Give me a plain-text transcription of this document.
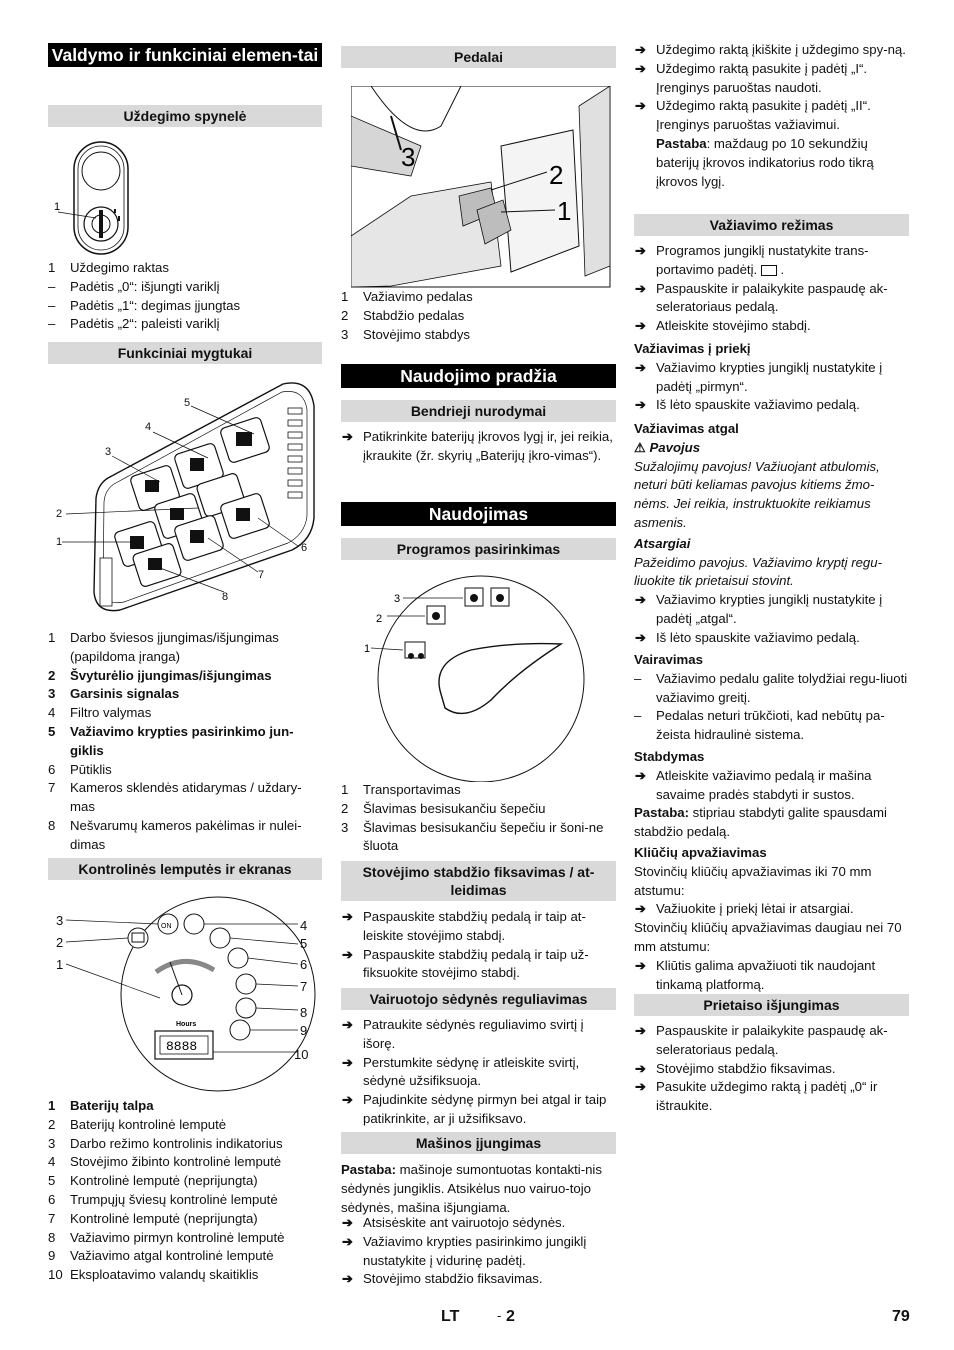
Valdymo ir funkciniai elemen-tai
Uždegimo spynelė
1
1 Uždegimo raktas
– Padėtis „0“: išjungti variklį
– Padėtis „1“: degimas įjungtas
– Padėtis „2“: paleisti variklį
Funkciniai mygtukai
5
4
3
2
1	6
7
8
1 Darbo šviesos įjungimas/išjungimas (papildoma įranga)
2 Švyturėlio įjungimas/išjungimas
3 Garsinis signalas
4 Filtro valymas
5 Važiavimo krypties pasirinkimo jun-giklis
6 Pūtiklis
7 Kameros sklendės atidarymas / uždary-mas
8 Nešvarumų kameros pakėlimas ir nulei-dimas
Kontrolinės lemputės ir ekranas
ON
Hours
8888
3
2
1
4
5
6
7
8
9
10
1 Baterijų talpa
2 Baterijų kontrolinė lemputė
3 Darbo režimo kontrolinis indikatorius
4 Stovėjimo žibinto kontrolinė lemputė
5 Kontrolinė lemputė (neprijungta)
6 Trumpųjų šviesų kontrolinė lemputė
7 Kontrolinė lemputė (neprijungta)
8 Važiavimo pirmyn kontrolinė lemputė
9 Važiavimo atgal kontrolinė lemputė
10 Eksploatavimo valandų skaitiklis
Pedalai
3
2
1
1 Važiavimo pedalas
2 Stabdžio pedalas
3 Stovėjimo stabdys
Naudojimo pradžia
Bendrieji nurodymai
➔ Patikrinkite baterijų įkrovos lygį ir, jei reikia, įkraukite (žr. skyrių „Baterijų įkro-vimas“).
Naudojimas
Programos pasirinkimas
3
2
1
1 Transportavimas
2 Šlavimas besisukančiu šepečiu
3 Šlavimas besisukančiu šepečiu ir šoni-ne šluota
Stovėjimo stabdžio fiksavimas / at-leidimas
➔ Paspauskite stabdžių pedalą ir taip at-leiskite stovėjimo stabdį.
➔ Paspauskite stabdžių pedalą ir taip už-fiksuokite stovėjimo stabdį.
Vairuotojo sėdynės reguliavimas
➔ Patraukite sėdynės reguliavimo svirtį į išorę.
➔ Perstumkite sėdynę ir atleiskite svirtį, sėdynė užsifiksuoja.
➔ Pajudinkite sėdynę pirmyn bei atgal ir taip patikrinkite, ar ji užsifiksavo.
Mašinos įjungimas
Pastaba: mašinoje sumontuotas kontakti-nis sėdynės jungiklis. Atsikėlus nuo vairuo-tojo sėdynės, mašina išjungiama.
➔ Atsisėskite ant vairuotojo sėdynės.
➔ Važiavimo krypties pasirinkimo jungiklį nustatykite į vidurinę padėtį.
➔ Stovėjimo stabdžio fiksavimas.
➔ Uždegimo raktą įkiškite į uždegimo spy-ną.
➔ Uždegimo raktą pasukite į padėtį „I“. Įrenginys paruoštas naudoti.
➔ Uždegimo raktą pasukite į padėtį „II“. Įrenginys paruoštas važiavimui.
Pastaba: maždaug po 10 sekundžių baterijų įkrovos indikatorius rodo tikrą įkrovos lygį.
Važiavimo režimas
➔ Programos jungiklį nustatykite trans-portavimo padėtį.  .
➔ Paspauskite ir palaikykite paspaudę ak-seleratoriaus pedalą.
➔ Atleiskite stovėjimo stabdį.
Važiavimas į priekį
➔ Važiavimo krypties jungiklį nustatykite į padėtį „pirmyn“.
➔ Iš lėto spauskite važiavimo pedalą.
Važiavimas atgal
⚠ Pavojus
Sužalojimų pavojus! Važiuojant atbulomis, neturi būti keliamas pavojus kitiems žmo-nėms. Jei reikia, instruktuokite reikiamus asmenis.
Atsargiai
Pažeidimo pavojus. Važiavimo kryptį regu-liuokite tik prietaisui stovint.
➔ Važiavimo krypties jungiklį nustatykite į padėtį „atgal“.
➔ Iš lėto spauskite važiavimo pedalą.
Vairavimas
– Važiavimo pedalu galite tolydžiai regu-liuoti važiavimo greitį.
– Pedalas neturi trūkčioti, kad nebūtų pa-žeista hidraulinė sistema.
Stabdymas
➔ Atleiskite važiavimo pedalą ir mašina savaime pradės stabdyti ir sustos.
Pastaba: stipriau stabdyti galite spausdami stabdžio pedalą.
Kliūčių apvažiavimas
Stovinčių kliūčių apvažiavimas iki 70 mm atstumu:
➔ Važiuokite į priekį lėtai ir atsargiai.
Stovinčių kliūčių apvažiavimas daugiau nei 70 mm atstumu:
➔ Kliūtis galima apvažiuoti tik naudojant tinkamą platformą.
Prietaiso išjungimas
➔ Paspauskite ir palaikykite paspaudę ak-seleratoriaus pedalą.
➔ Stovėjimo stabdžio fiksavimas.
➔ Pasukite uždegimo raktą į padėtį „0“ ir ištraukite.
LT	- 2	79
